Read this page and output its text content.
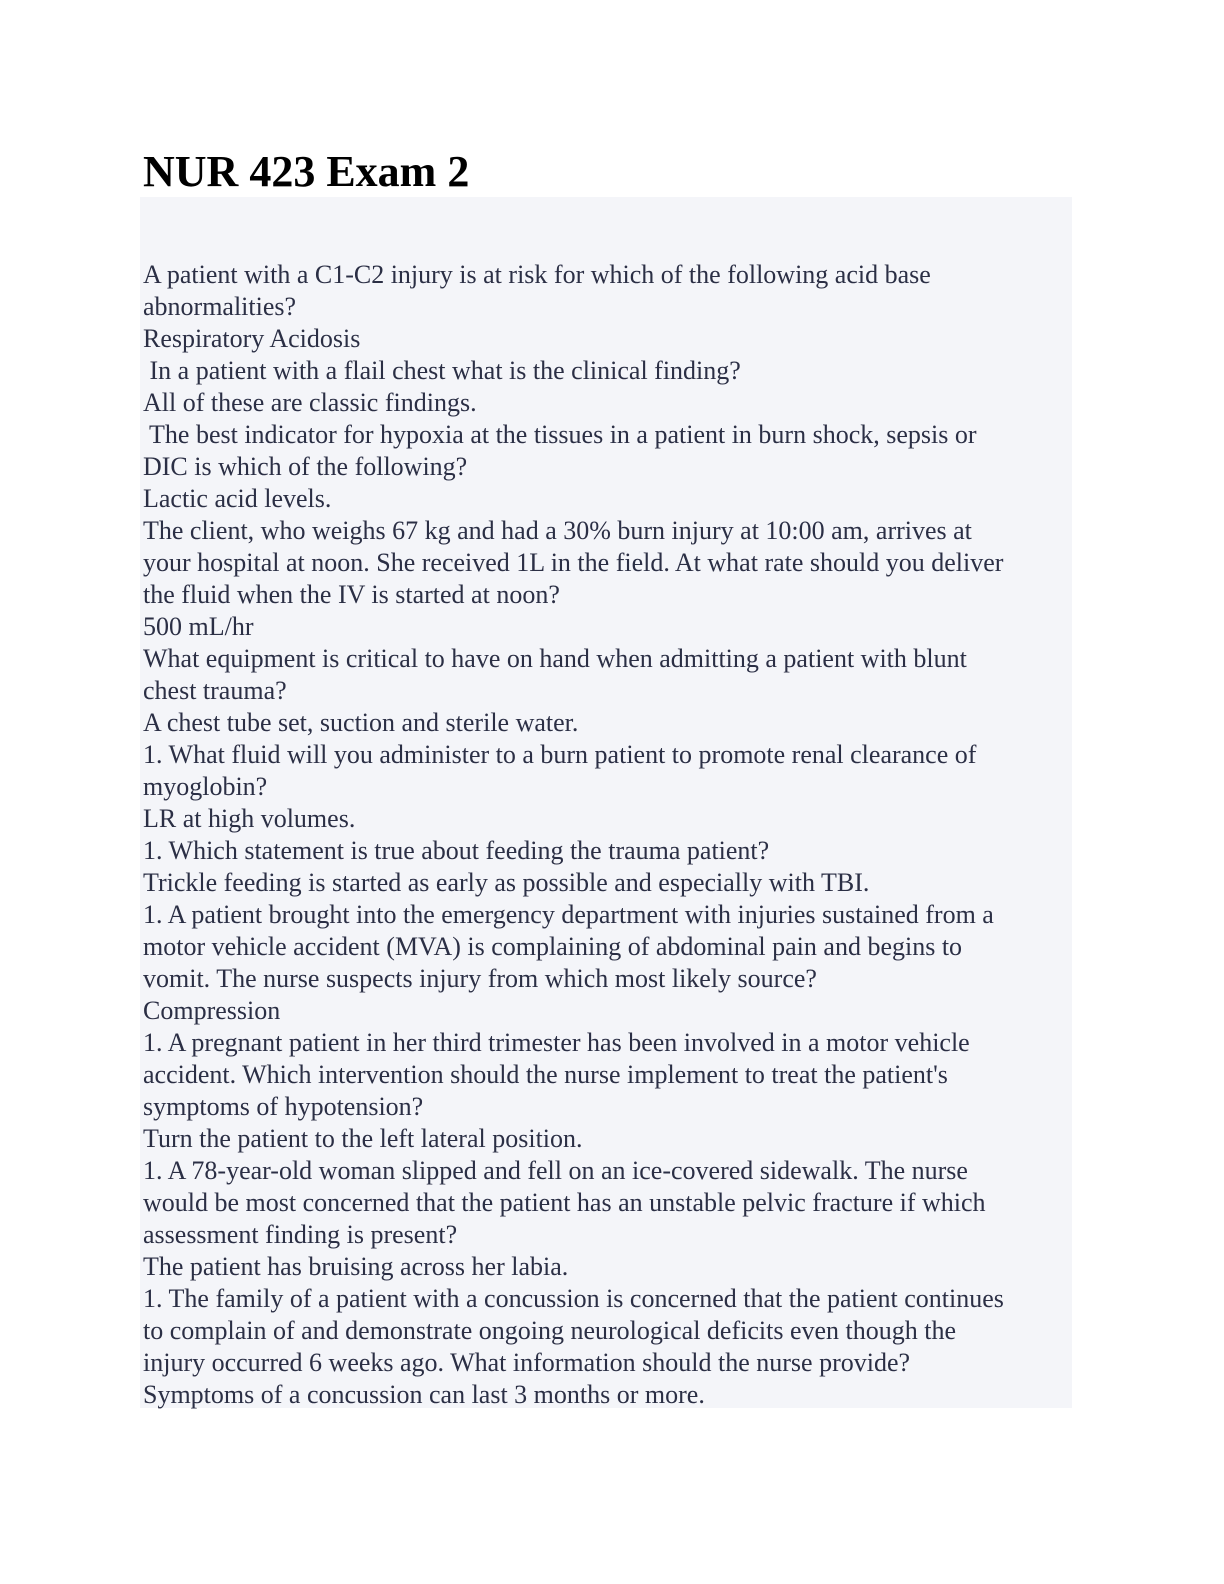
NUR 423 Exam 2
A patient with a C1-C2 injury is at risk for which of the following acid base
abnormalities?
Respiratory Acidosis
In a patient with a flail chest what is the clinical finding?
All of these are classic findings.
The best indicator for hypoxia at the tissues in a patient in burn shock, sepsis or
DIC is which of the following?
Lactic acid levels.
The client, who weighs 67 kg and had a 30% burn injury at 10:00 am, arrives at
your hospital at noon. She received 1L in the field. At what rate should you deliver
the fluid when the IV is started at noon?
500 mL/hr
What equipment is critical to have on hand when admitting a patient with blunt
chest trauma?
A chest tube set, suction and sterile water.
1. What fluid will you administer to a burn patient to promote renal clearance of
myoglobin?
LR at high volumes.
1. Which statement is true about feeding the trauma patient?
Trickle feeding is started as early as possible and especially with TBI.
1. A patient brought into the emergency department with injuries sustained from a
motor vehicle accident (MVA) is complaining of abdominal pain and begins to
vomit. The nurse suspects injury from which most likely source?
Compression
1. A pregnant patient in her third trimester has been involved in a motor vehicle
accident. Which intervention should the nurse implement to treat the patient's
symptoms of hypotension?
Turn the patient to the left lateral position.
1. A 78-year-old woman slipped and fell on an ice-covered sidewalk. The nurse
would be most concerned that the patient has an unstable pelvic fracture if which
assessment finding is present?
The patient has bruising across her labia.
1. The family of a patient with a concussion is concerned that the patient continues
to complain of and demonstrate ongoing neurological deficits even though the
injury occurred 6 weeks ago. What information should the nurse provide?
Symptoms of a concussion can last 3 months or more.
